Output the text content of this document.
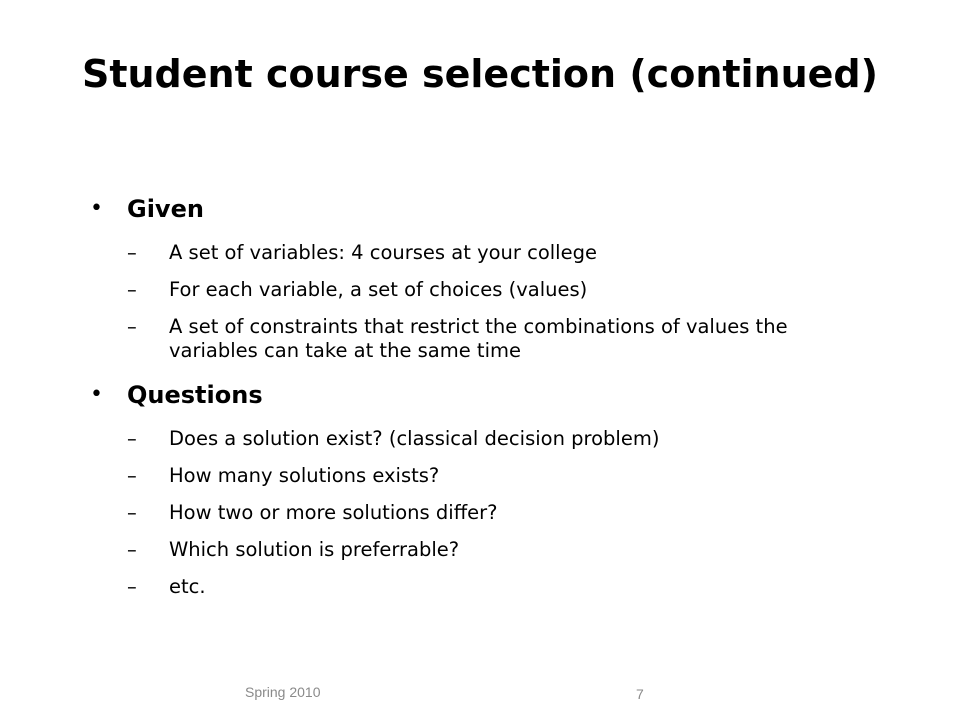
Student course selection (continued)
• Given
– A set of variables: 4 courses at your college
– For each variable, a set of choices (values)
– A set of constraints that restrict the combinations of values the variables can take at the same time
• Questions
– Does a solution exist? (classical decision problem)
– How many solutions exists?
– How two or more solutions differ?
– Which solution is preferrable?
– etc.
Spring 2010	7
